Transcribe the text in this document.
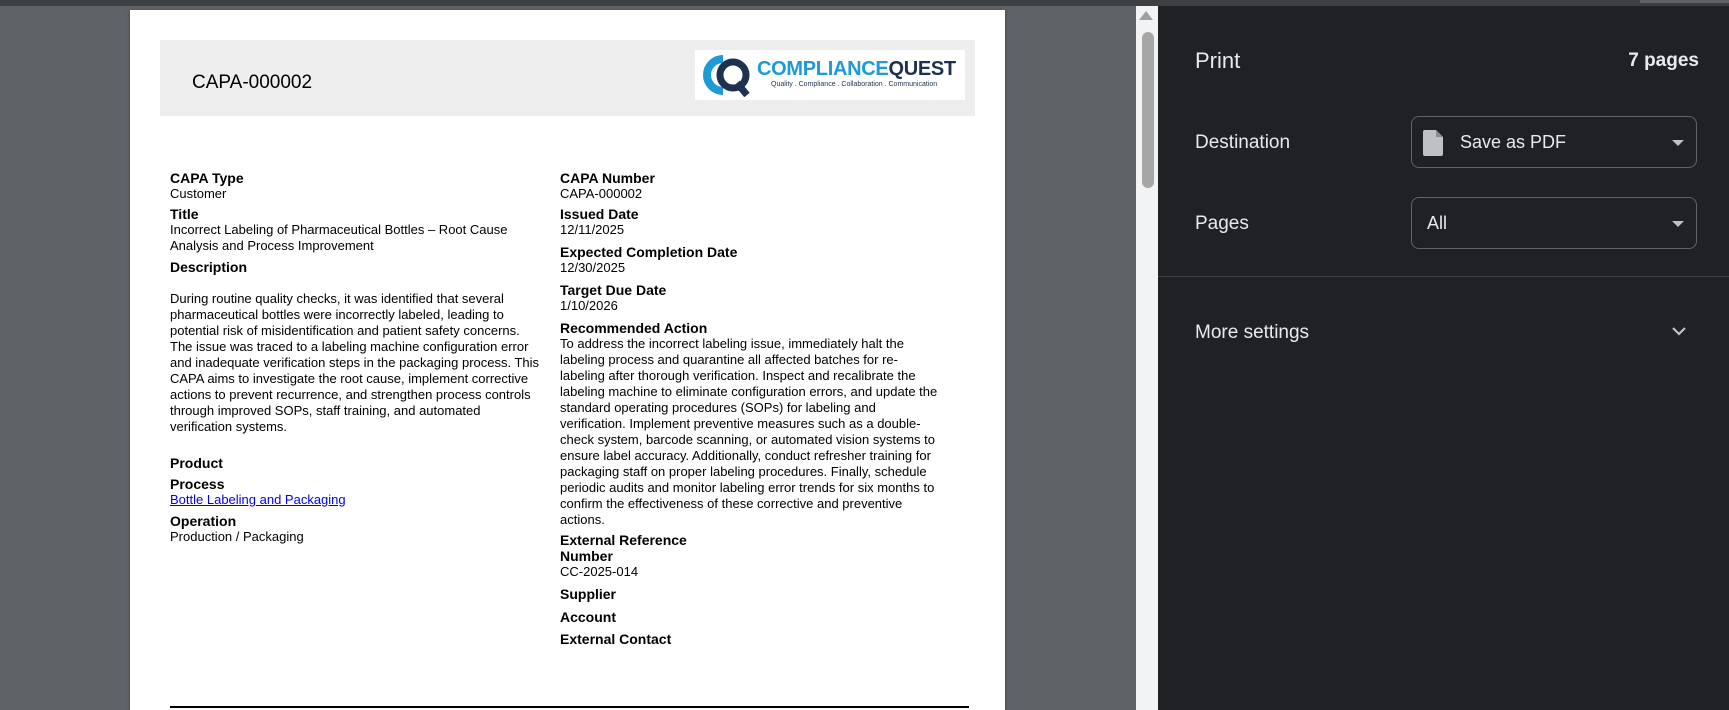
CAPA-000002
COMPLIANCEQUEST
Quality . Compliance . Collaboration . Communication
CAPA Type
Customer
Title
Incorrect Labeling of Pharmaceutical Bottles – Root Cause Analysis and Process Improvement
Description
During routine quality checks, it was identified that several pharmaceutical bottles were incorrectly labeled, leading to potential risk of misidentification and patient safety concerns. The issue was traced to a labeling machine configuration error and inadequate verification steps in the packaging process. This CAPA aims to investigate the root cause, implement corrective actions to prevent recurrence, and strengthen process controls through improved SOPs, staff training, and automated verification systems.
Product
Process
Bottle Labeling and Packaging
Operation
Production / Packaging
CAPA Number
CAPA-000002
Issued Date
12/11/2025
Expected Completion Date
12/30/2025
Target Due Date
1/10/2026
Recommended Action
To address the incorrect labeling issue, immediately halt the labeling process and quarantine all affected batches for re-labeling after thorough verification. Inspect and recalibrate the labeling machine to eliminate configuration errors, and update the standard operating procedures (SOPs) for labeling and verification. Implement preventive measures such as a double-check system, barcode scanning, or automated vision systems to ensure label accuracy. Additionally, conduct refresher training for packaging staff on proper labeling procedures. Finally, schedule periodic audits and monitor labeling error trends for six months to confirm the effectiveness of these corrective and preventive actions.
External Reference
Number
CC-2025-014
Supplier
Account
External Contact
Print	7 pages
Destination	Save as PDF
Pages	All
More settings
